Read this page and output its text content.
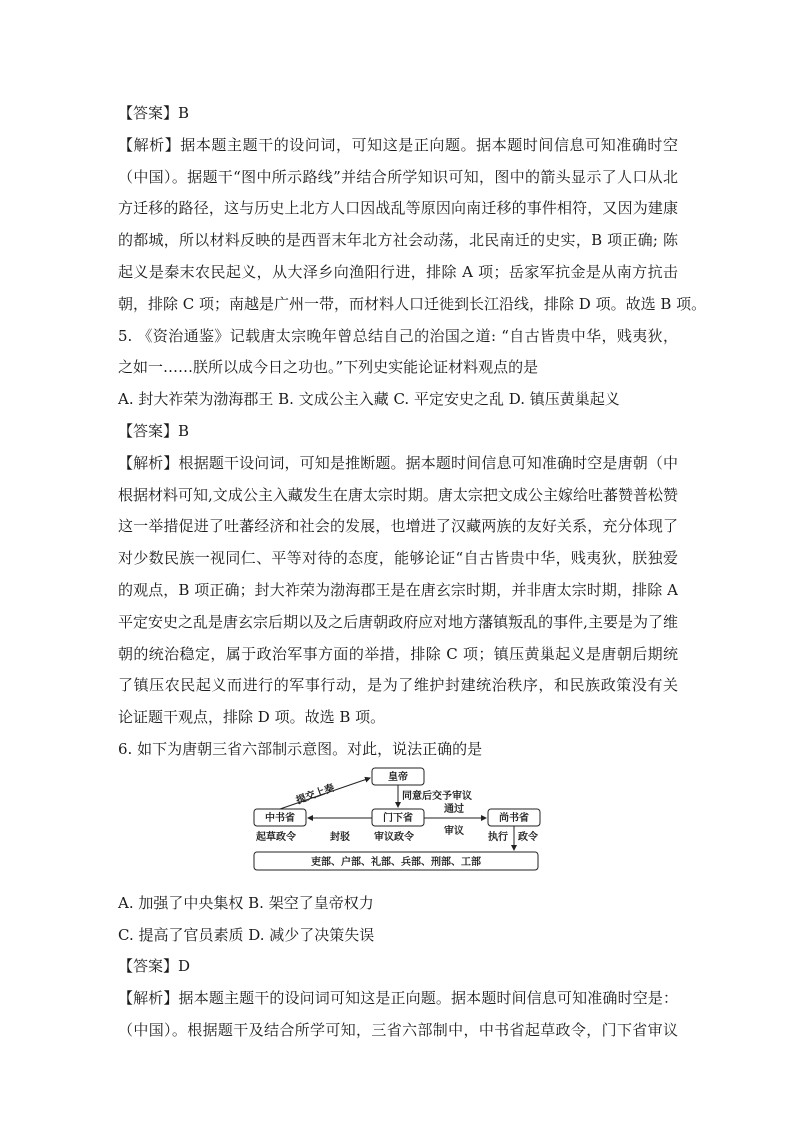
【答案】B
【解析】据本题主题干的设问词，可知这是正向题。据本题时间信息可知准确时空
（中国）。据题干“图中所示路线”并结合所学知识可知，图中的箭头显示了人口从北
方迁移的路径，这与历史上北方人口因战乱等原因向南迁移的事件相符，又因为建康
的都城，所以材料反映的是西晋末年北方社会动荡，北民南迁的史实，B 项正确; 陈
起义是秦末农民起义，从大泽乡向渔阳行进，排除 A 项；岳家军抗金是从南方抗击
朝，排除 C 项；南越是广州一带，而材料人口迁徙到长江沿线，排除 D 项。故选 B 项。
5. 《资治通鉴》记载唐太宗晚年曾总结自己的治国之道: “自古皆贵中华，贱夷狄，
之如一……朕所以成今日之功也。”下列史实能论证材料观点的是
A. 封大祚荣为渤海郡王 B. 文成公主入藏 C. 平定安史之乱 D. 镇压黄巢起义
【答案】B
【解析】根据题干设问词，可知是推断题。据本题时间信息可知准确时空是唐朝（中
根据材料可知,文成公主入藏发生在唐太宗时期。唐太宗把文成公主嫁给吐蕃赞普松赞
这一举措促进了吐蕃经济和社会的发展，也增进了汉藏两族的友好关系，充分体现了
对少数民族一视同仁、平等对待的态度，能够论证“自古皆贵中华，贱夷狄，朕独爱
的观点，B 项正确；封大祚荣为渤海郡王是在唐玄宗时期，并非唐太宗时期，排除 A
平定安史之乱是唐玄宗后期以及之后唐朝政府应对地方藩镇叛乱的事件,主要是为了维
朝的统治稳定，属于政治军事方面的举措，排除 C 项；镇压黄巢起义是唐朝后期统
了镇压农民起义而进行的军事行动，是为了维护封建统治秩序，和民族政策没有关
论证题干观点，排除 D 项。故选 B 项。
6. 如下为唐朝三省六部制示意图。对此，说法正确的是
皇帝
中书省	门下省	尚书省
吏部、户部、礼部、兵部、刑部、工部
提交上奏	同意后交予审议
起草政令	封驳 审议政令
通过
审议
执行 政令
A. 加强了中央集权 B. 架空了皇帝权力
C. 提高了官员素质 D. 减少了决策失误
【答案】D
【解析】据本题主题干的设问词可知这是正向题。据本题时间信息可知准确时空是：
（中国）。根据题干及结合所学可知，三省六部制中，中书省起草政令，门下省审议
